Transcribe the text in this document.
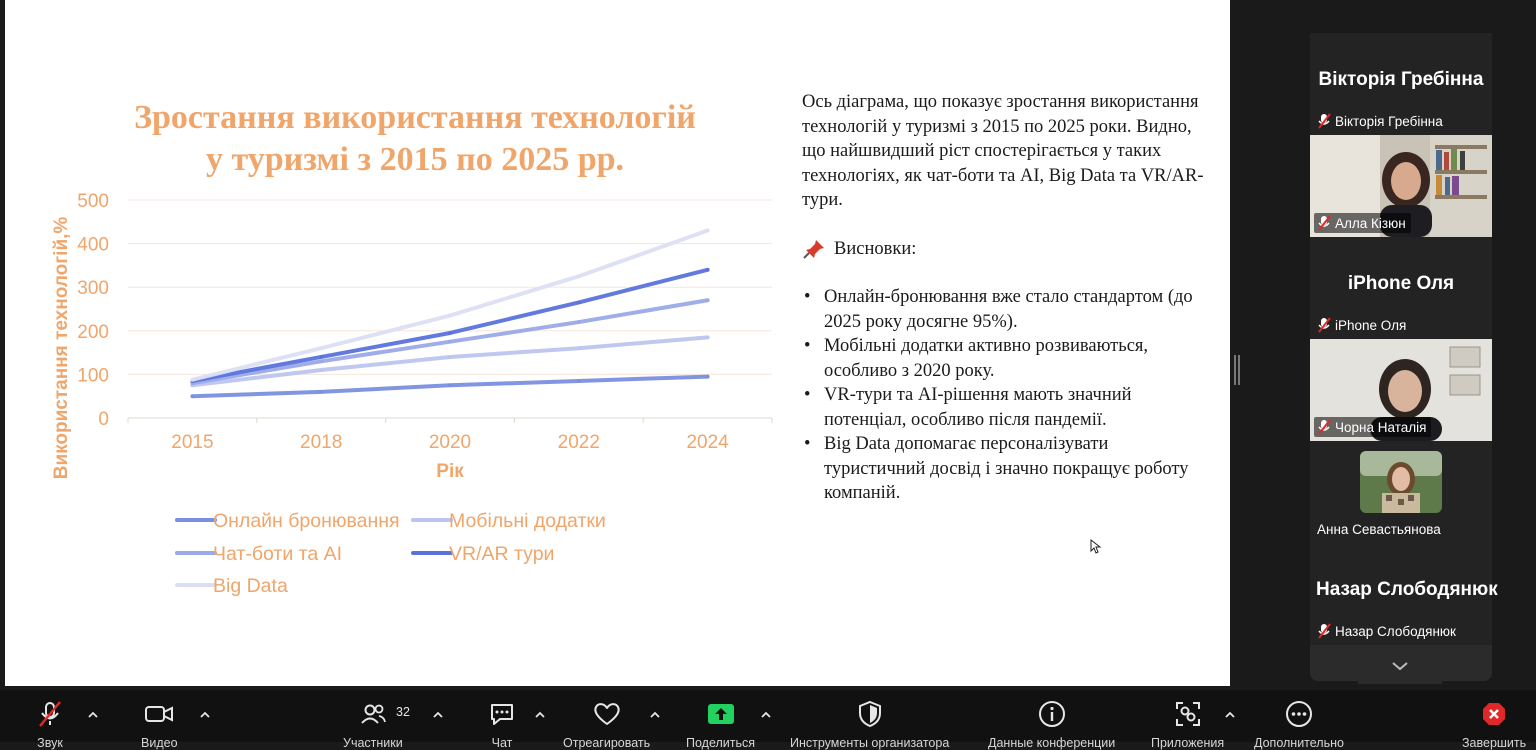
0
100
200
300
400
500
2015	2018	2020	2022	2024
Рік
Використання технологій,%
Онлайн бронювання	Мобільні додатки
Чат-боти та AI	VR/AR тури
Big Data
Зростання використання технологій
у туризмі з 2015 по 2025 рр.

Ось діаграма, що показує зростання використання технологій у туризмі з 2015 по 2025 роки. Видно, що найшвидший ріст спостерігається у таких технологіях, як чат-боти та AI, Big Data та VR/AR-тури.

Висновки:
• Онлайн-бронювання вже стало стандартом (до 2025 року досягне 95%).
• Мобільні додатки активно розвиваються, особливо з 2020 року.
• VR-тури та AI-рішення мають значний потенціал, особливо після пандемії.
• Big Data допомагає персоналізувати туристичний досвід і значно покращує роботу компаній.
Вікторія Гребінна
Вікторія Гребінна
Алла Кізюн
iPhone Оля
iPhone Оля
Чорна Наталія
Анна Севастьянова
Назар Слободянюк
Назар Слободянюк
Звук	Видео	Участники
32
Чат	Отреагировать	Поделиться	Инструменты организатора	Данные конференции	Приложения Дополнительно	Завершить
